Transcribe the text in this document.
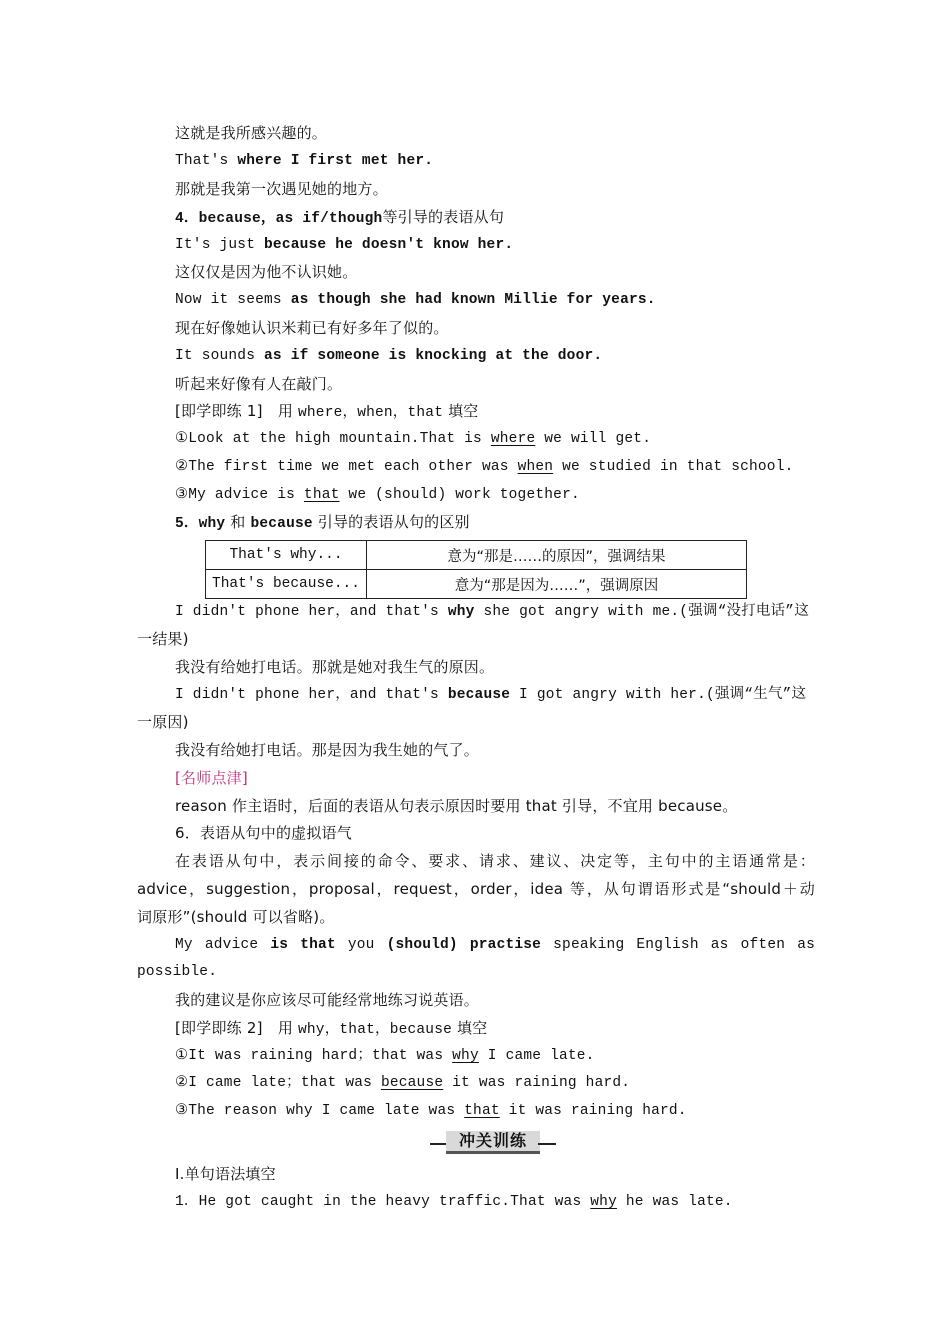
这就是我所感兴趣的。
That's where I first met her.
那就是我第一次遇见她的地方。
4．because，as if/though等引导的表语从句
It's just because he doesn't know her.
这仅仅是因为他不认识她。
Now it seems as though she had known Millie for years.
现在好像她认识米莉已有好多年了似的。
It sounds as if someone is knocking at the door.
听起来好像有人在敲门。
[即学即练 1]　用 where，when，that 填空
①Look at the high mountain.That is where we will get.
②The first time we met each other was when we studied in that school.
③My advice is that we (should) work together.
5．why 和 because 引导的表语从句的区别
That's why...	意为“那是……的原因”，强调结果
That's because...	意为“那是因为……”，强调原因
I didn't phone her，and that's why she got angry with me.(强调“没打电话”这
一结果)
我没有给她打电话。那就是她对我生气的原因。
I didn't phone her，and that's because I got angry with her.(强调“生气”这
一原因)
我没有给她打电话。那是因为我生她的气了。
[名师点津]
reason 作主语时，后面的表语从句表示原因时要用 that 引导，不宜用 because。
6．表语从句中的虚拟语气
在表语从句中，表示间接的命令、要求、请求、建议、决定等，主句中的主语通常是：
advice，suggestion，proposal，request，order，idea 等，从句谓语形式是“should＋动
词原形”(should 可以省略)。
My advice is that you (should) practise speaking English as often as
possible.
我的建议是你应该尽可能经常地练习说英语。
[即学即练 2]　用 why，that，because 填空
①It was raining hard；that was why I came late.
②I came late；that was because it was raining hard.
③The reason why I came late was that it was raining hard.
冲关训练
Ⅰ.单句语法填空
1．He got caught in the heavy traffic.That was why he was late.
